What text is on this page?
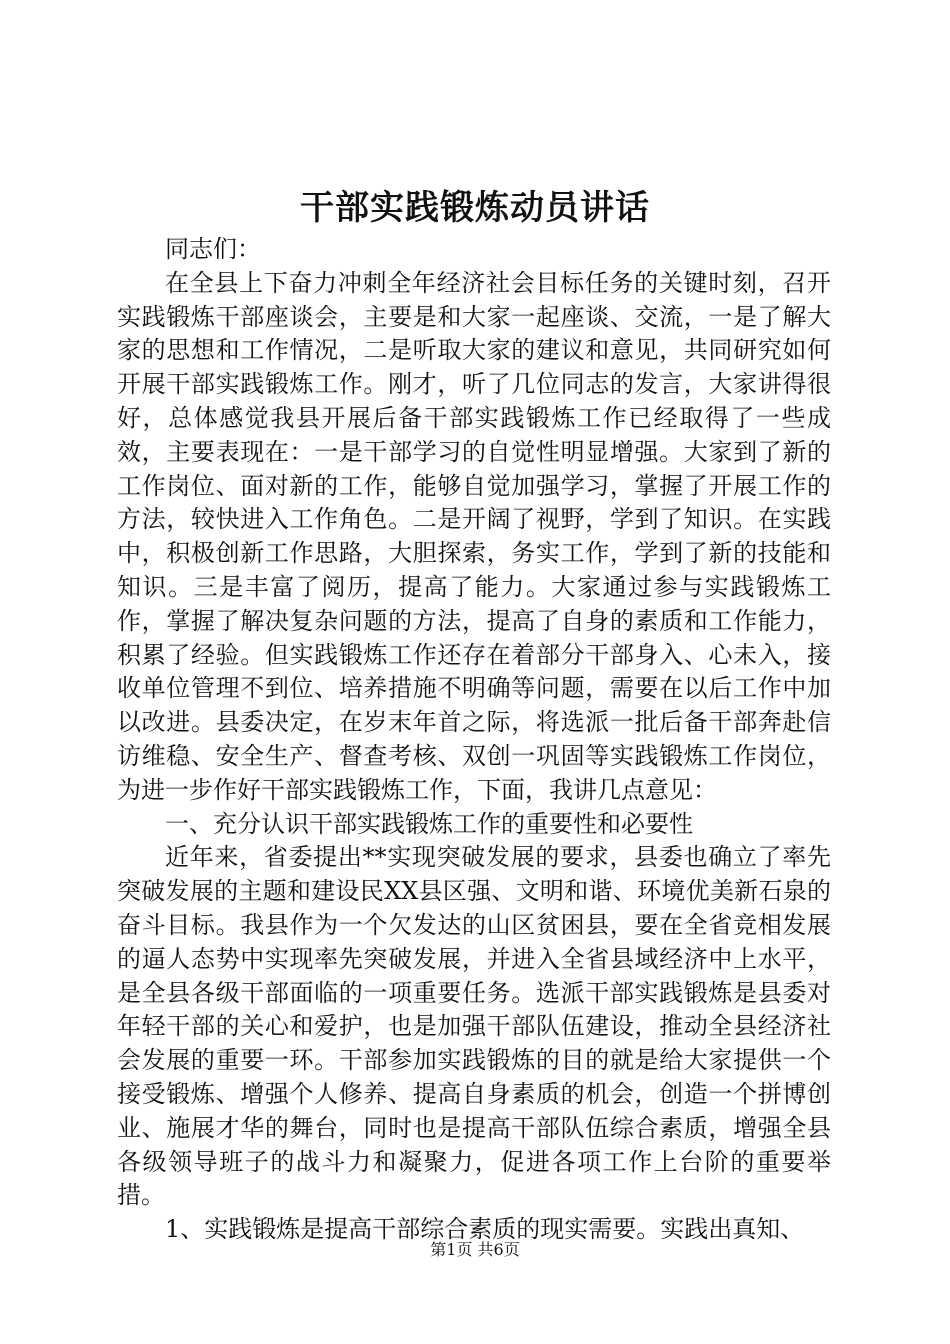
干部实践锻炼动员讲话

同志们：

在全县上下奋力冲刺全年经济社会目标任务的关键时刻，召开实践锻炼干部座谈会，主要是和大家一起座谈、交流，一是了解大家的思想和工作情况，二是听取大家的建议和意见，共同研究如何开展干部实践锻炼工作。刚才，听了几位同志的发言，大家讲得很好，总体感觉我县开展后备干部实践锻炼工作已经取得了一些成效，主要表现在：一是干部学习的自觉性明显增强。大家到了新的工作岗位、面对新的工作，能够自觉加强学习，掌握了开展工作的方法，较快进入工作角色。二是开阔了视野，学到了知识。在实践中，积极创新工作思路，大胆探索，务实工作，学到了新的技能和知识。三是丰富了阅历，提高了能力。大家通过参与实践锻炼工作，掌握了解决复杂问题的方法，提高了自身的素质和工作能力，积累了经验。但实践锻炼工作还存在着部分干部身入、心未入，接收单位管理不到位、培养措施不明确等问题，需要在以后工作中加以改进。县委决定，在岁末年首之际，将选派一批后备干部奔赴信访维稳、安全生产、督查考核、双创一巩固等实践锻炼工作岗位，为进一步作好干部实践锻炼工作，下面，我讲几点意见：

一、充分认识干部实践锻炼工作的重要性和必要性

近年来，省委提出**实现突破发展的要求，县委也确立了率先突破发展的主题和建设民XX县区强、文明和谐、环境优美新石泉的奋斗目标。我县作为一个欠发达的山区贫困县，要在全省竞相发展的逼人态势中实现率先突破发展，并进入全省县域经济中上水平，是全县各级干部面临的一项重要任务。选派干部实践锻炼是县委对年轻干部的关心和爱护，也是加强干部队伍建设，推动全县经济社会发展的重要一环。干部参加实践锻炼的目的就是给大家提供一个接受锻炼、增强个人修养、提高自身素质的机会，创造一个拼博创业、施展才华的舞台，同时也是提高干部队伍综合素质，增强全县各级领导班子的战斗力和凝聚力，促进各项工作上台阶的重要举措。

1、实践锻炼是提高干部综合素质的现实需要。实践出真知、

第1页 共6页
